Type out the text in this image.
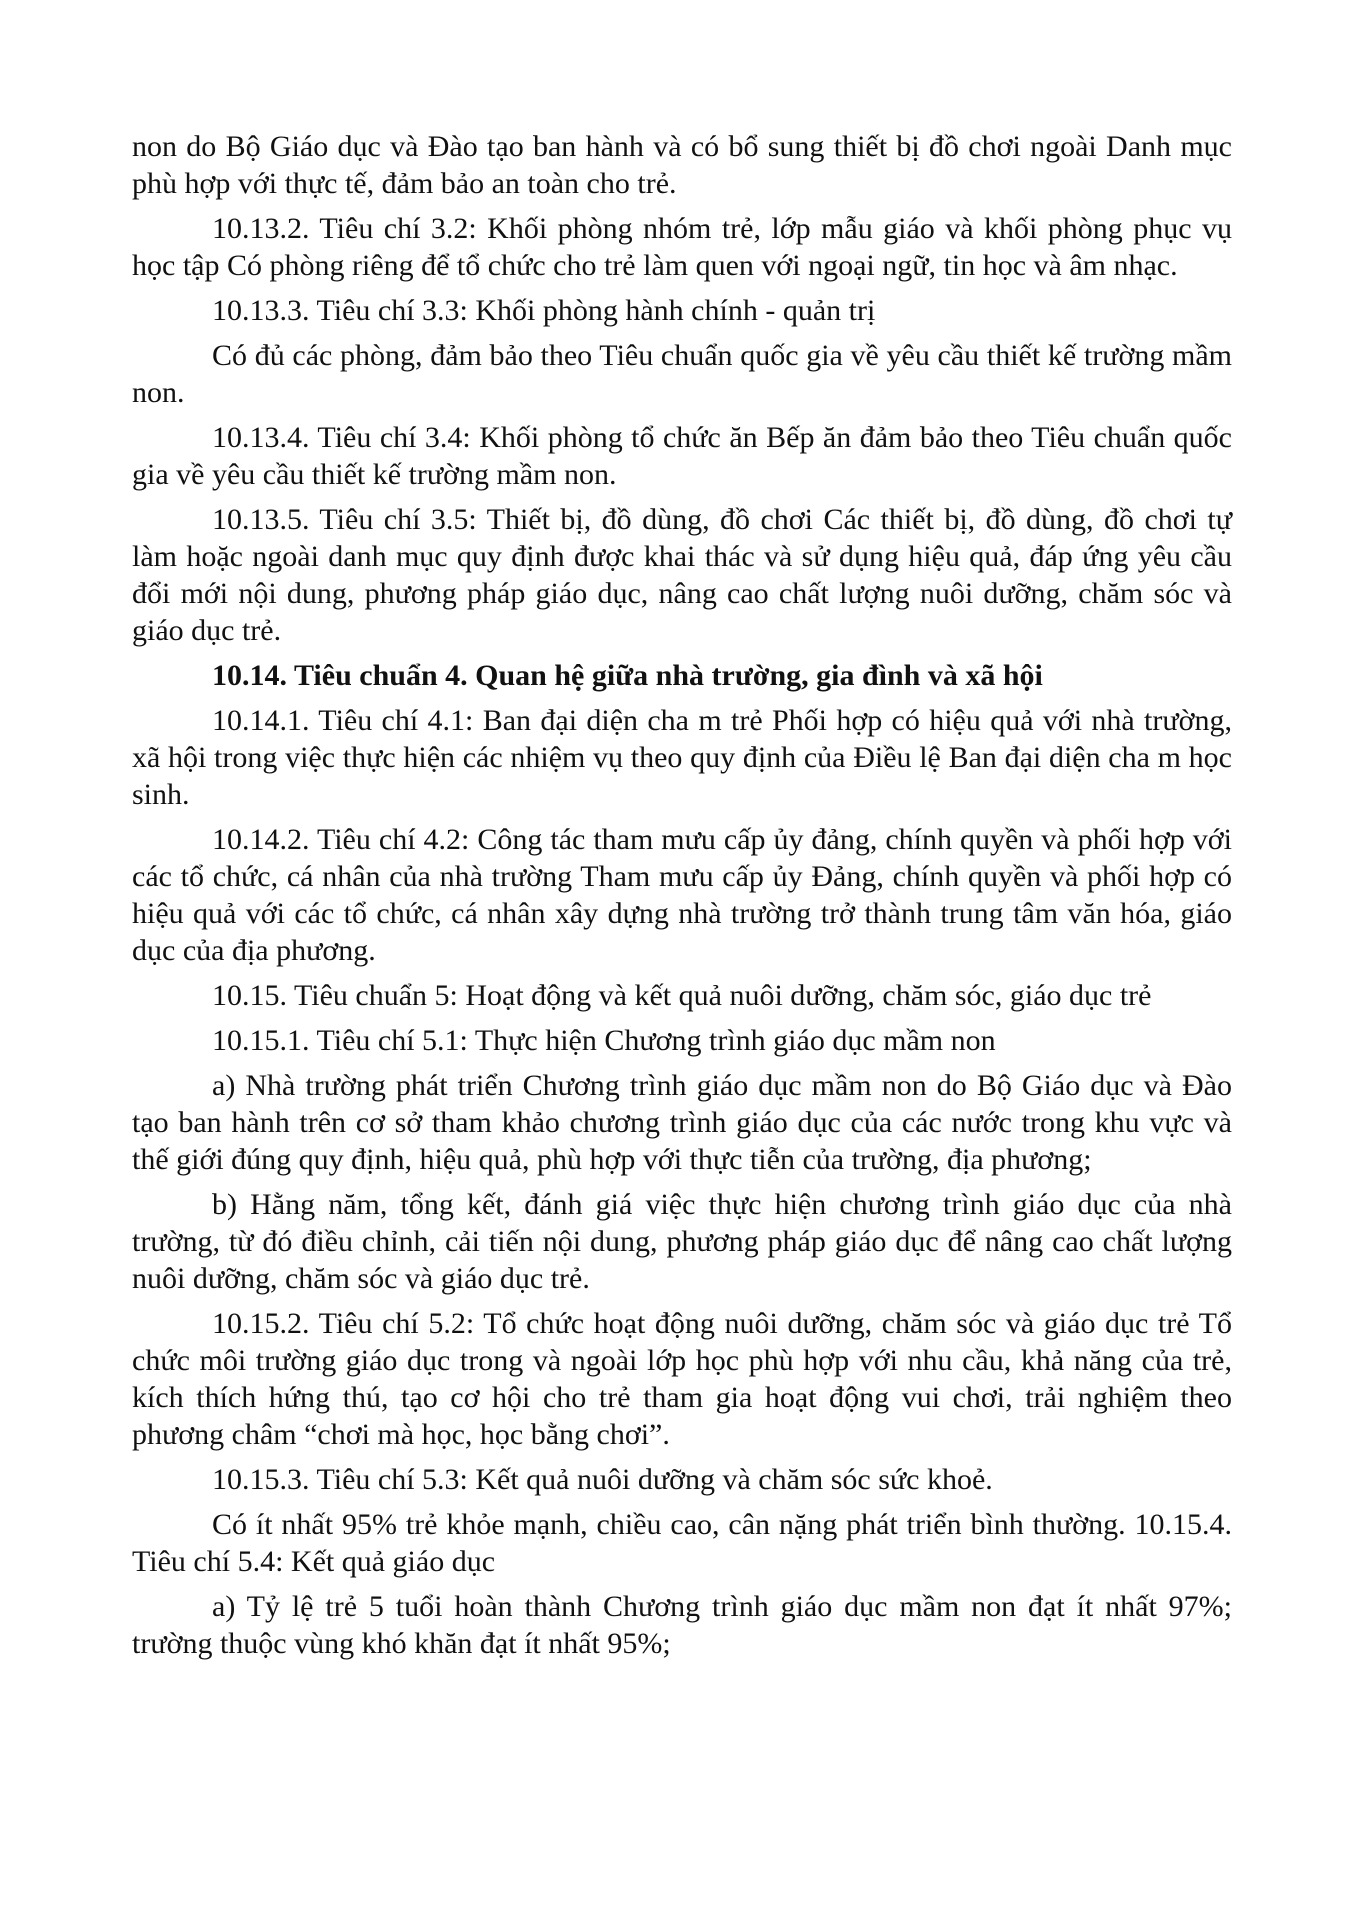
non do Bộ Giáo dục và Đào tạo ban hành và có bổ sung thiết bị đồ chơi ngoài Danh mục phù hợp với thực tế, đảm bảo an toàn cho trẻ.

10.13.2. Tiêu chí 3.2: Khối phòng nhóm trẻ, lớp mẫu giáo và khối phòng phục vụ học tập Có phòng riêng để tổ chức cho trẻ làm quen với ngoại ngữ, tin học và âm nhạc.

10.13.3. Tiêu chí 3.3: Khối phòng hành chính - quản trị

Có đủ các phòng, đảm bảo theo Tiêu chuẩn quốc gia về yêu cầu thiết kế trường mầm non.

10.13.4. Tiêu chí 3.4: Khối phòng tổ chức ăn Bếp ăn đảm bảo theo Tiêu chuẩn quốc gia về yêu cầu thiết kế trường mầm non.

10.13.5. Tiêu chí 3.5: Thiết bị, đồ dùng, đồ chơi Các thiết bị, đồ dùng, đồ chơi tự làm hoặc ngoài danh mục quy định được khai thác và sử dụng hiệu quả, đáp ứng yêu cầu đổi mới nội dung, phương pháp giáo dục, nâng cao chất lượng nuôi dưỡng, chăm sóc và giáo dục trẻ.

10.14. Tiêu chuẩn 4. Quan hệ giữa nhà trường, gia đình và xã hội

10.14.1. Tiêu chí 4.1: Ban đại diện cha m trẻ Phối hợp có hiệu quả với nhà trường, xã hội trong việc thực hiện các nhiệm vụ theo quy định của Điều lệ Ban đại diện cha m học sinh.

10.14.2. Tiêu chí 4.2: Công tác tham mưu cấp ủy đảng, chính quyền và phối hợp với các tổ chức, cá nhân của nhà trường Tham mưu cấp ủy Đảng, chính quyền và phối hợp có hiệu quả với các tổ chức, cá nhân xây dựng nhà trường trở thành trung tâm văn hóa, giáo dục của địa phương.

10.15. Tiêu chuẩn 5: Hoạt động và kết quả nuôi dưỡng, chăm sóc, giáo dục trẻ

10.15.1. Tiêu chí 5.1: Thực hiện Chương trình giáo dục mầm non

a) Nhà trường phát triển Chương trình giáo dục mầm non do Bộ Giáo dục và Đào tạo ban hành trên cơ sở tham khảo chương trình giáo dục của các nước trong khu vực và thế giới đúng quy định, hiệu quả, phù hợp với thực tiễn của trường, địa phương;

b) Hằng năm, tổng kết, đánh giá việc thực hiện chương trình giáo dục của nhà trường, từ đó điều chỉnh, cải tiến nội dung, phương pháp giáo dục để nâng cao chất lượng nuôi dưỡng, chăm sóc và giáo dục trẻ.

10.15.2. Tiêu chí 5.2: Tổ chức hoạt động nuôi dưỡng, chăm sóc và giáo dục trẻ Tổ chức môi trường giáo dục trong và ngoài lớp học phù hợp với nhu cầu, khả năng của trẻ, kích thích hứng thú, tạo cơ hội cho trẻ tham gia hoạt động vui chơi, trải nghiệm theo phương châm “chơi mà học, học bằng chơi”.

10.15.3. Tiêu chí 5.3: Kết quả nuôi dưỡng và chăm sóc sức khoẻ.

Có ít nhất 95% trẻ khỏe mạnh, chiều cao, cân nặng phát triển bình thường. 10.15.4. Tiêu chí 5.4: Kết quả giáo dục

a) Tỷ lệ trẻ 5 tuổi hoàn thành Chương trình giáo dục mầm non đạt ít nhất 97%; trường thuộc vùng khó khăn đạt ít nhất 95%;
